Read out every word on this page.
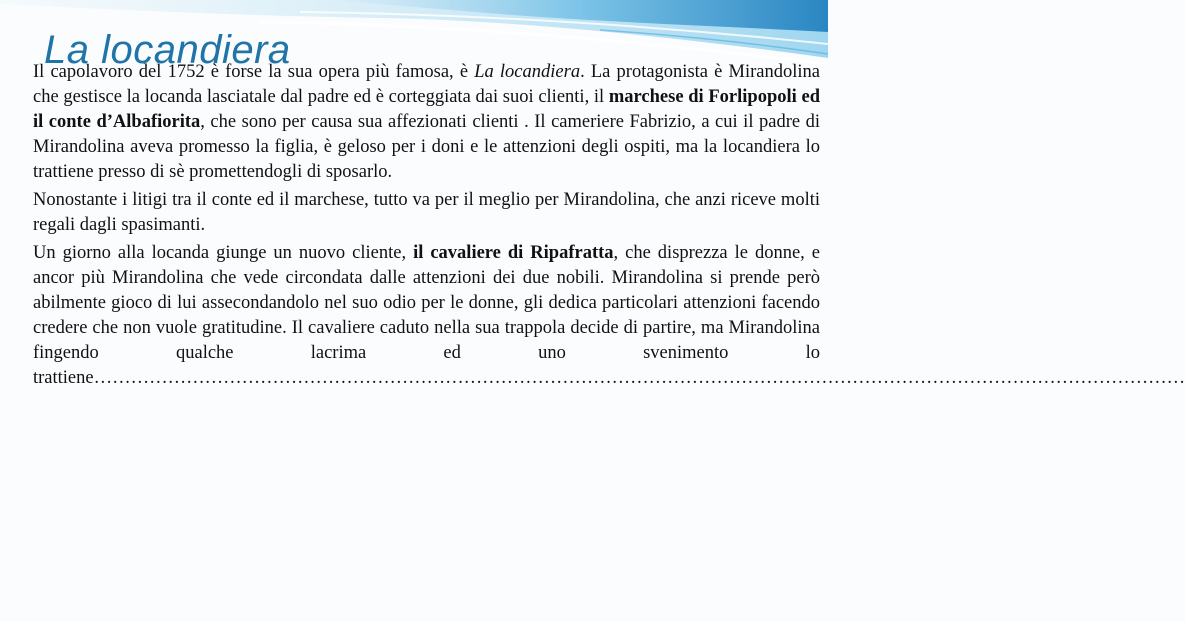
Il capolavoro del 1752 è forse la sua opera più famosa, è La locandiera. La protagonista è Mirandolina che gestisce la locanda lasciatale dal padre ed è corteggiata dai suoi clienti, il marchese di Forlipopoli ed il conte d’Albafiorita, che sono per causa sua affezionati clienti . Il cameriere Fabrizio, a cui il padre di Mirandolina aveva promesso la figlia, è geloso per i doni e le attenzioni degli ospiti, ma la locandiera lo trattiene presso di sè promettendogli di sposarlo.

Nonostante i litigi tra il conte ed il marchese, tutto va per il meglio per Mirandolina, che anzi riceve molti regali dagli spasimanti.

Un giorno alla locanda giunge un nuovo cliente, il cavaliere di Ripafratta, che disprezza le donne, e ancor più Mirandolina che vede circondata dalle attenzioni dei due nobili. Mirandolina si prende però abilmente gioco di lui assecondandolo nel suo odio per le donne, gli dedica particolari attenzioni facendo credere che non vuole gratitudine. Il cavaliere caduto nella sua trappola decide di partire, ma Mirandolina fingendo qualche lacrima ed uno svenimento lo trattiene……………………………………………………………………………………………………………………………………………………………

La locandiera
